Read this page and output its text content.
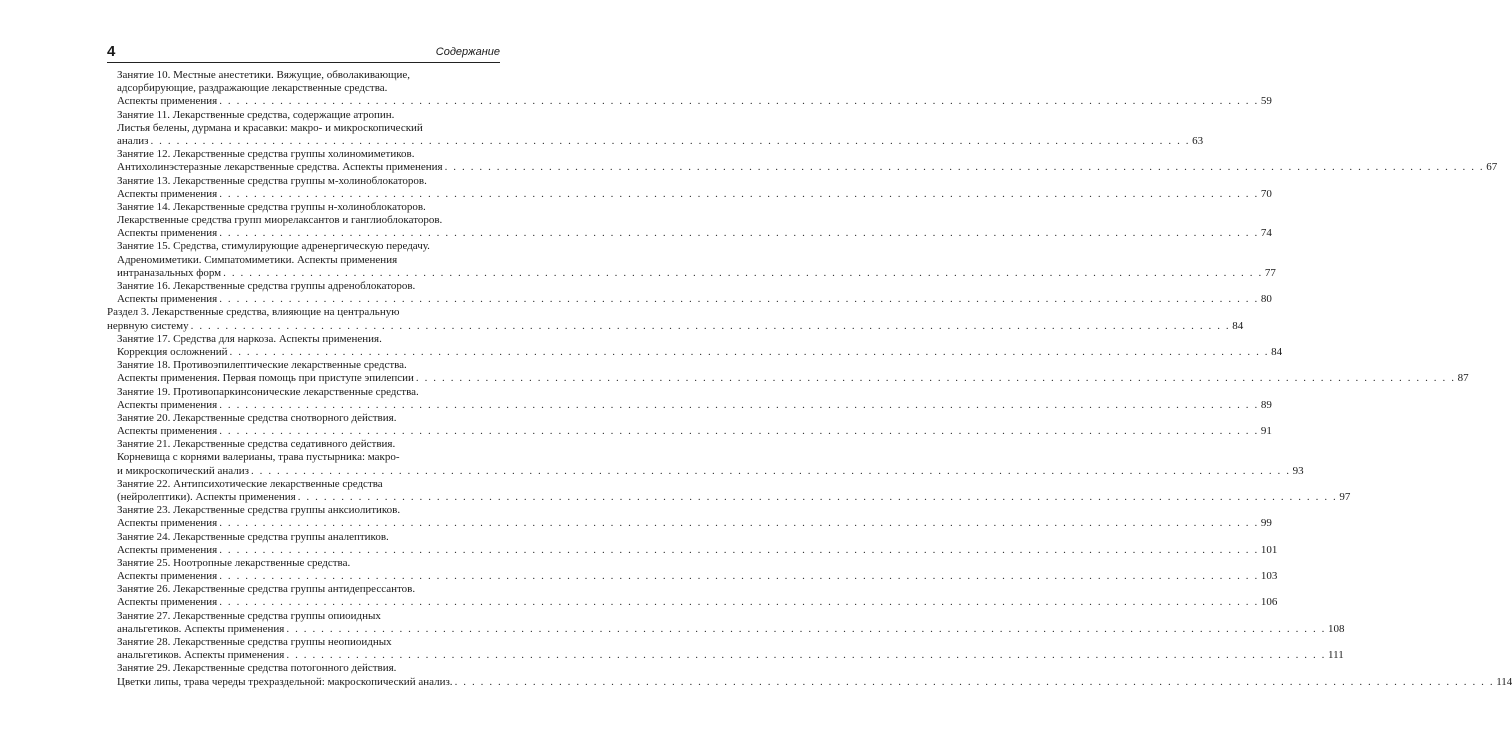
4	Содержание
Занятие 10. Местные анестетики. Вяжущие, обволакивающие,
адсорбирующие, раздражающие лекарственные средства.
Аспекты применения . . . . . . . . . . . . . . . . . . . . . . . . . . . . . . . . . . . . . . . . . . . . . . . . . . . . . . . . . . . . . . . . . . . . . . . . . . . . . . . . . . . . . . . . . . . . . . . . . . . . . . . . . . . . . . . . . . . . . . . . 59
Занятие 11. Лекарственные средства, содержащие атропин.
Листья белены, дурмана и красавки: макро- и микроскопический
анализ . . . . . . . . . . . . . . . . . . . . . . . . . . . . . . . . . . . . . . . . . . . . . . . . . . . . . . . . . . . . . . . . . . . . . . . . . . . . . . . . . . . . . . . . . . . . . . . . . . . . . . . . . . . . . . . . . . . . . . . . 63
Занятие 12. Лекарственные средства группы холиномиметиков.
Антихолинэстеразные лекарственные средства. Аспекты применения . . . . . . . . . . . . . . . . . . . . . . . . . . . . . . . . . . . . . . . . . . . . . . . . . . . . . . . . . . . . . . . . . . . . . . . . . . . . . . . . . . . . . . . . . . . . . . . . . . . . . . . . . . . . . . . . . . . . . . . . 67
Занятие 13. Лекарственные средства группы м-холиноблокаторов.
Аспекты применения . . . . . . . . . . . . . . . . . . . . . . . . . . . . . . . . . . . . . . . . . . . . . . . . . . . . . . . . . . . . . . . . . . . . . . . . . . . . . . . . . . . . . . . . . . . . . . . . . . . . . . . . . . . . . . . . . . . . . . . . 70
Занятие 14. Лекарственные средства группы н-холиноблокаторов.
Лекарственные средства групп миорелаксантов и ганглиоблокаторов.
Аспекты применения . . . . . . . . . . . . . . . . . . . . . . . . . . . . . . . . . . . . . . . . . . . . . . . . . . . . . . . . . . . . . . . . . . . . . . . . . . . . . . . . . . . . . . . . . . . . . . . . . . . . . . . . . . . . . . . . . . . . . . . . 74
Занятие 15. Средства, стимулирующие адренергическую передачу.
Адреномиметики. Симпатомиметики. Аспекты применения
интраназальных форм . . . . . . . . . . . . . . . . . . . . . . . . . . . . . . . . . . . . . . . . . . . . . . . . . . . . . . . . . . . . . . . . . . . . . . . . . . . . . . . . . . . . . . . . . . . . . . . . . . . . . . . . . . . . . . . . . . . . . . . . 77
Занятие 16. Лекарственные средства группы адреноблокаторов.
Аспекты применения . . . . . . . . . . . . . . . . . . . . . . . . . . . . . . . . . . . . . . . . . . . . . . . . . . . . . . . . . . . . . . . . . . . . . . . . . . . . . . . . . . . . . . . . . . . . . . . . . . . . . . . . . . . . . . . . . . . . . . . . 80
Раздел 3. Лекарственные средства, влияющие на центральную
нервную систему . . . . . . . . . . . . . . . . . . . . . . . . . . . . . . . . . . . . . . . . . . . . . . . . . . . . . . . . . . . . . . . . . . . . . . . . . . . . . . . . . . . . . . . . . . . . . . . . . . . . . . . . . . . . . . . . . . . . . . . . 84
Занятие 17. Средства для наркоза. Аспекты применения.
Коррекция осложнений . . . . . . . . . . . . . . . . . . . . . . . . . . . . . . . . . . . . . . . . . . . . . . . . . . . . . . . . . . . . . . . . . . . . . . . . . . . . . . . . . . . . . . . . . . . . . . . . . . . . . . . . . . . . . . . . . . . . . . . . 84
Занятие 18. Противоэпилептические лекарственные средства.
Аспекты применения. Первая помощь при приступе эпилепсии . . . . . . . . . . . . . . . . . . . . . . . . . . . . . . . . . . . . . . . . . . . . . . . . . . . . . . . . . . . . . . . . . . . . . . . . . . . . . . . . . . . . . . . . . . . . . . . . . . . . . . . . . . . . . . . . . . . . . . . . 87
Занятие 19. Противопаркинсонические лекарственные средства.
Аспекты применения . . . . . . . . . . . . . . . . . . . . . . . . . . . . . . . . . . . . . . . . . . . . . . . . . . . . . . . . . . . . . . . . . . . . . . . . . . . . . . . . . . . . . . . . . . . . . . . . . . . . . . . . . . . . . . . . . . . . . . . . 89
Занятие 20. Лекарственные средства снотворного действия.
Аспекты применения . . . . . . . . . . . . . . . . . . . . . . . . . . . . . . . . . . . . . . . . . . . . . . . . . . . . . . . . . . . . . . . . . . . . . . . . . . . . . . . . . . . . . . . . . . . . . . . . . . . . . . . . . . . . . . . . . . . . . . . . 91
Занятие 21. Лекарственные средства седативного действия.
Корневища с корнями валерианы, трава пустырника: макро-
и микроскопический анализ . . . . . . . . . . . . . . . . . . . . . . . . . . . . . . . . . . . . . . . . . . . . . . . . . . . . . . . . . . . . . . . . . . . . . . . . . . . . . . . . . . . . . . . . . . . . . . . . . . . . . . . . . . . . . . . . . . . . . . . . 93
Занятие 22. Антипсихотические лекарственные средства
(нейролептики). Аспекты применения . . . . . . . . . . . . . . . . . . . . . . . . . . . . . . . . . . . . . . . . . . . . . . . . . . . . . . . . . . . . . . . . . . . . . . . . . . . . . . . . . . . . . . . . . . . . . . . . . . . . . . . . . . . . . . . . . . . . . . . . 97
Занятие 23. Лекарственные средства группы анксиолитиков.
Аспекты применения . . . . . . . . . . . . . . . . . . . . . . . . . . . . . . . . . . . . . . . . . . . . . . . . . . . . . . . . . . . . . . . . . . . . . . . . . . . . . . . . . . . . . . . . . . . . . . . . . . . . . . . . . . . . . . . . . . . . . . . . 99
Занятие 24. Лекарственные средства группы аналептиков.
Аспекты применения . . . . . . . . . . . . . . . . . . . . . . . . . . . . . . . . . . . . . . . . . . . . . . . . . . . . . . . . . . . . . . . . . . . . . . . . . . . . . . . . . . . . . . . . . . . . . . . . . . . . . . . . . . . . . . . . . . . . . . . . 101
Занятие 25. Ноотропные лекарственные средства.
Аспекты применения . . . . . . . . . . . . . . . . . . . . . . . . . . . . . . . . . . . . . . . . . . . . . . . . . . . . . . . . . . . . . . . . . . . . . . . . . . . . . . . . . . . . . . . . . . . . . . . . . . . . . . . . . . . . . . . . . . . . . . . . 103
Занятие 26. Лекарственные средства группы антидепрессантов.
Аспекты применения . . . . . . . . . . . . . . . . . . . . . . . . . . . . . . . . . . . . . . . . . . . . . . . . . . . . . . . . . . . . . . . . . . . . . . . . . . . . . . . . . . . . . . . . . . . . . . . . . . . . . . . . . . . . . . . . . . . . . . . . 106
Занятие 27. Лекарственные средства группы опиоидных
анальгетиков. Аспекты применения . . . . . . . . . . . . . . . . . . . . . . . . . . . . . . . . . . . . . . . . . . . . . . . . . . . . . . . . . . . . . . . . . . . . . . . . . . . . . . . . . . . . . . . . . . . . . . . . . . . . . . . . . . . . . . . . . . . . . . . . 108
Занятие 28. Лекарственные средства группы неопиоидных
анальгетиков. Аспекты применения . . . . . . . . . . . . . . . . . . . . . . . . . . . . . . . . . . . . . . . . . . . . . . . . . . . . . . . . . . . . . . . . . . . . . . . . . . . . . . . . . . . . . . . . . . . . . . . . . . . . . . . . . . . . . . . . . . . . . . . . 111
Занятие 29. Лекарственные средства потогонного действия.
Цветки липы, трава череды трехраздельной: макроскопический анализ. . . . . . . . . . . . . . . . . . . . . . . . . . . . . . . . . . . . . . . . . . . . . . . . . . . . . . . . . . . . . . . . . . . . . . . . . . . . . . . . . . . . . . . . . . . . . . . . . . . . . . . . . . . . . . . . . . . . . . . . . 114
